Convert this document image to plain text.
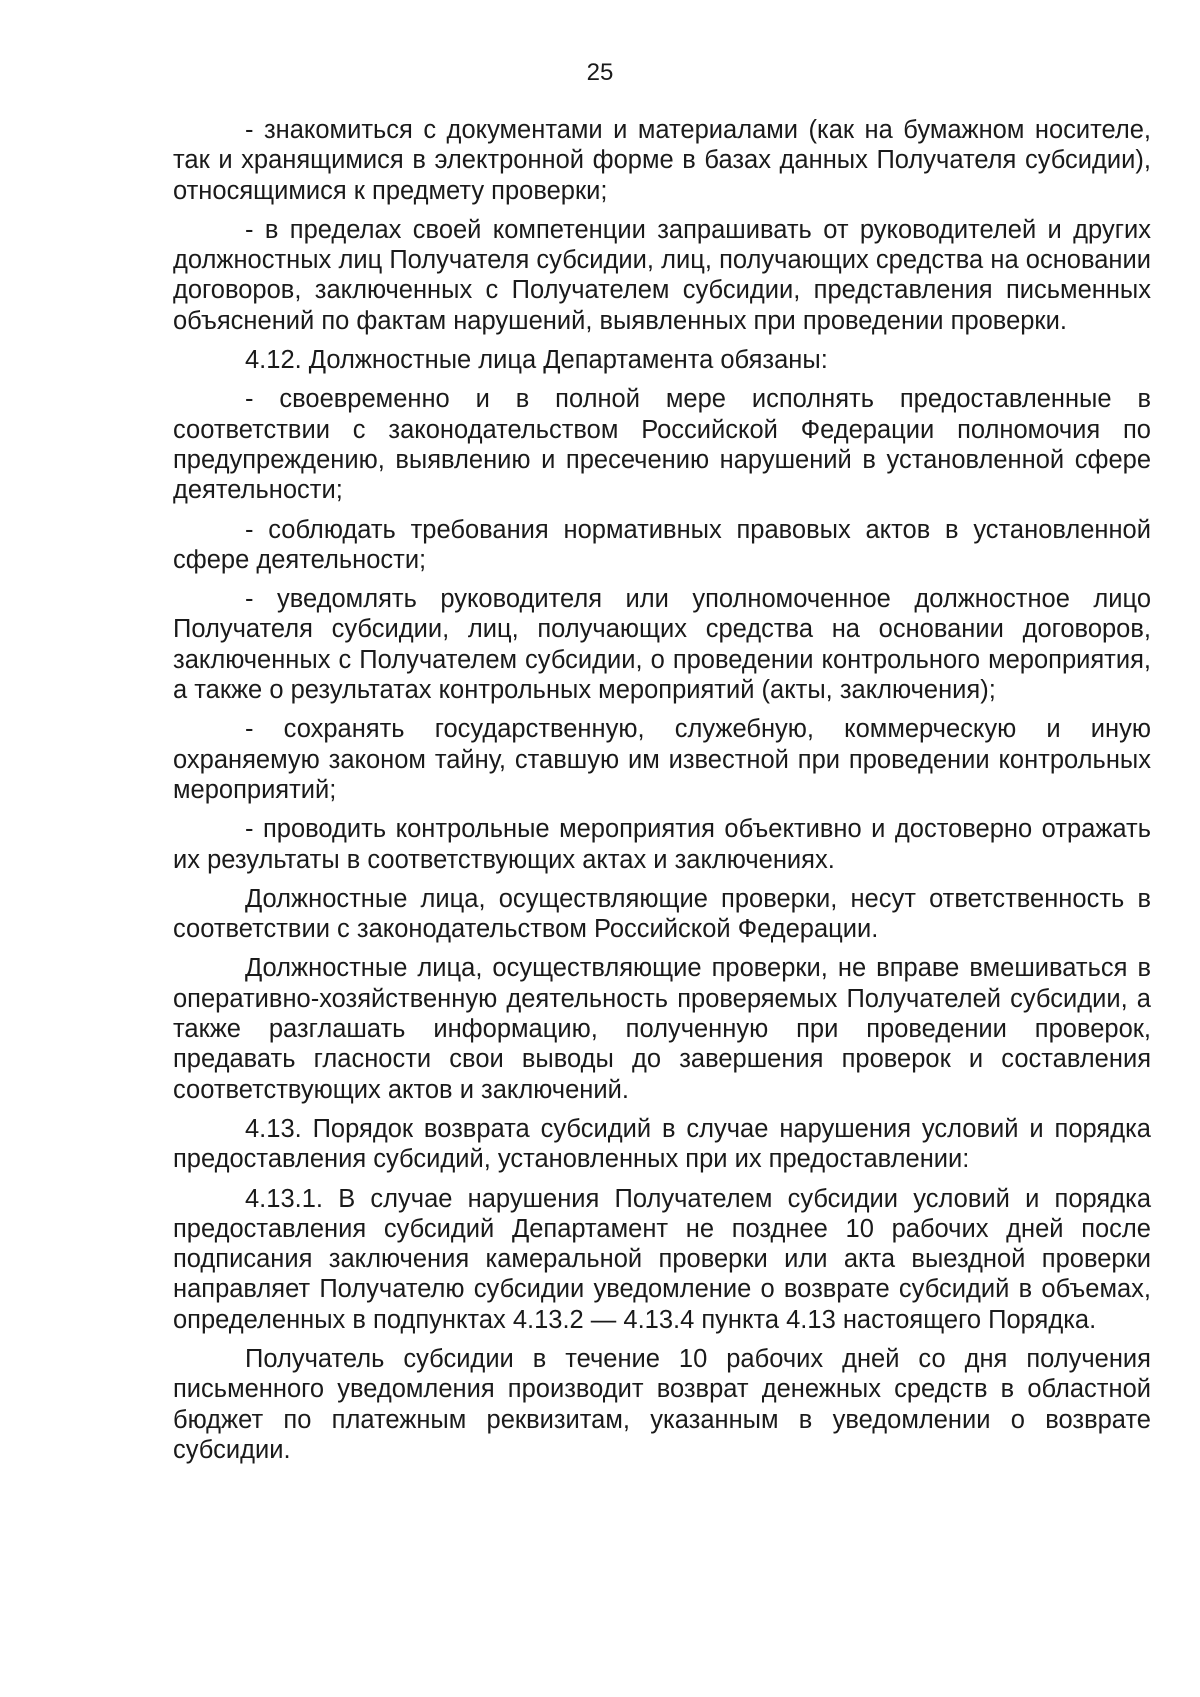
25

- знакомиться с документами и материалами (как на бумажном носителе, так и хранящимися в электронной форме в базах данных Получателя субсидии), относящимися к предмету проверки;

- в пределах своей компетенции запрашивать от руководителей и других должностных лиц Получателя субсидии, лиц, получающих средства на основании договоров, заключенных с Получателем субсидии, представления письменных объяснений по фактам нарушений, выявленных при проведении проверки.

4.12. Должностные лица Департамента обязаны:

- своевременно и в полной мере исполнять предоставленные в соответствии с законодательством Российской Федерации полномочия по предупреждению, выявлению и пресечению нарушений в установленной сфере деятельности;

- соблюдать требования нормативных правовых актов в установленной сфере деятельности;

- уведомлять руководителя или уполномоченное должностное лицо Получателя субсидии, лиц, получающих средства на основании договоров, заключенных с Получателем субсидии, о проведении контрольного мероприятия, а также о результатах контрольных мероприятий (акты, заключения);

- сохранять государственную, служебную, коммерческую и иную охраняемую законом тайну, ставшую им известной при проведении контрольных мероприятий;

- проводить контрольные мероприятия объективно и достоверно отражать их результаты в соответствующих актах и заключениях.

Должностные лица, осуществляющие проверки, несут ответственность в соответствии с законодательством Российской Федерации.

Должностные лица, осуществляющие проверки, не вправе вмешиваться в оперативно-хозяйственную деятельность проверяемых Получателей субсидии, а также разглашать информацию, полученную при проведении проверок, предавать гласности свои выводы до завершения проверок и составления соответствующих актов и заключений.

4.13. Порядок возврата субсидий в случае нарушения условий и порядка предоставления субсидий, установленных при их предоставлении:

4.13.1. В случае нарушения Получателем субсидии условий и порядка предоставления субсидий Департамент не позднее 10 рабочих дней после подписания заключения камеральной проверки или акта выездной проверки направляет Получателю субсидии уведомление о возврате субсидий в объемах, определенных в подпунктах 4.13.2 — 4.13.4 пункта 4.13 настоящего Порядка.

Получатель субсидии в течение 10 рабочих дней со дня получения письменного уведомления производит возврат денежных средств в областной бюджет по платежным реквизитам, указанным в уведомлении о возврате субсидии.
